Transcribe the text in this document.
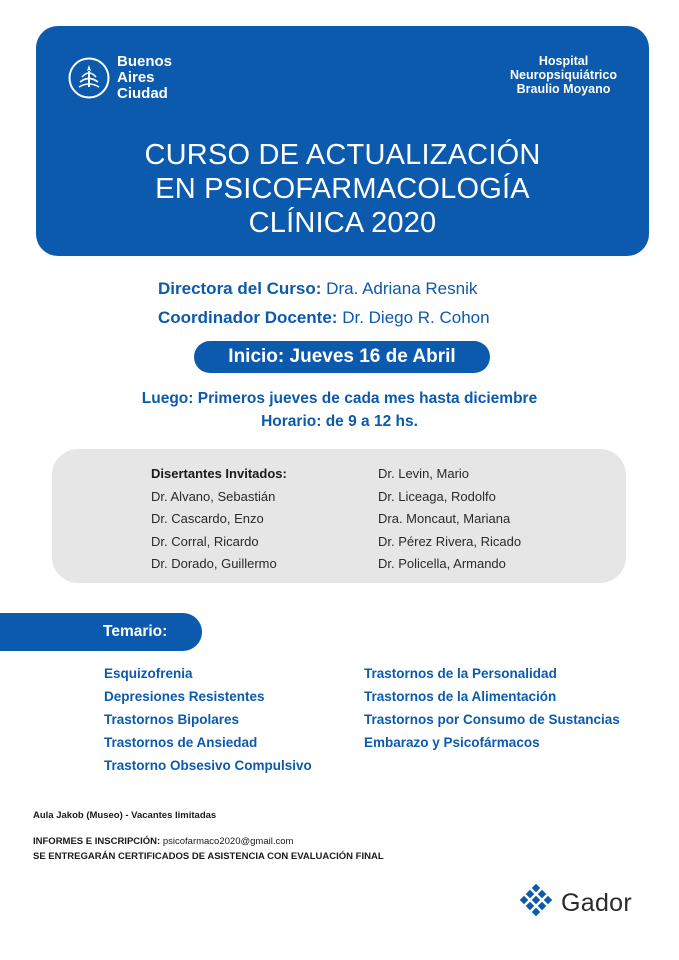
Buenos
Aires
Ciudad
Hospital
Neuropsiquiátrico
Braulio Moyano
CURSO DE ACTUALIZACIÓN
EN PSICOFARMACOLOGÍA
CLÍNICA 2020
Directora del Curso: Dra. Adriana Resnik
Coordinador Docente: Dr. Diego R. Cohon
Inicio: Jueves 16 de Abril
Luego: Primeros jueves de cada mes hasta diciembre
Horario: de 9 a 12 hs.
Disertantes Invitados:
Dr. Alvano, Sebastián
Dr. Cascardo, Enzo
Dr. Corral, Ricardo
Dr. Dorado, Guillermo
Dr. Levin, Mario
Dr. Liceaga, Rodolfo
Dra. Moncaut, Mariana
Dr. Pérez Rivera, Ricado
Dr. Policella, Armando
Temario:
Esquizofrenia
Depresiones Resistentes
Trastornos Bipolares
Trastornos de Ansiedad
Trastorno Obsesivo Compulsivo
Trastornos de la Personalidad
Trastornos de la Alimentación
Trastornos por Consumo de Sustancias
Embarazo y Psicofármacos
Aula Jakob (Museo) - Vacantes limitadas
INFORMES E INSCRIPCIÓN: psicofarmaco2020@gmail.com
SE ENTREGARÁN CERTIFICADOS DE ASISTENCIA CON EVALUACIÓN FINAL
Gador
